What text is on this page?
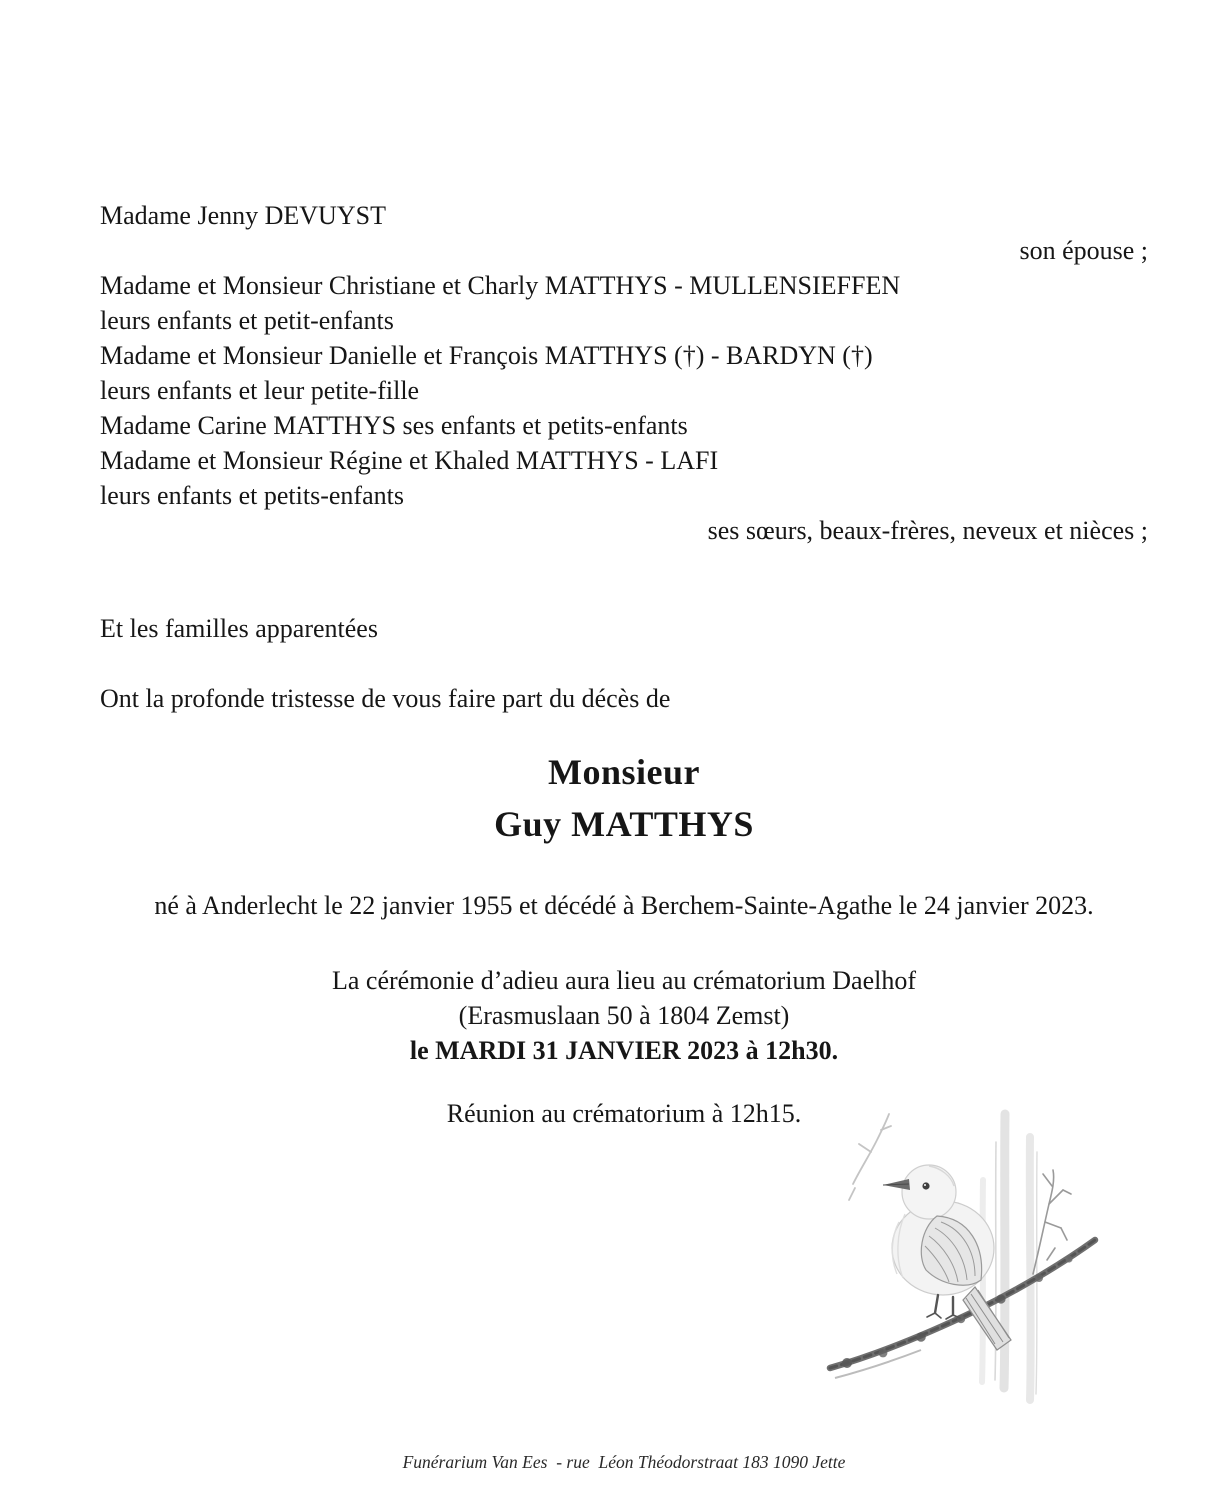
Madame Jenny DEVUYST

son épouse ;

Madame et Monsieur Christiane et Charly MATTHYS - MULLENSIEFFEN

leurs enfants et petit-enfants

Madame et Monsieur Danielle et François MATTHYS (†) - BARDYN (†)

leurs enfants et leur petite-fille

Madame Carine MATTHYS ses enfants et petits-enfants

Madame et Monsieur Régine et Khaled MATTHYS - LAFI

leurs enfants et petits-enfants

ses sœurs, beaux-frères, neveux et nièces ;

Et les familles apparentées

Ont la profonde tristesse de vous faire part du décès de

Monsieur
Guy MATTHYS

né à Anderlecht le 22 janvier 1955 et décédé à Berchem-Sainte-Agathe le 24 janvier 2023.

La cérémonie d’adieu aura lieu au crématorium Daelhof

(Erasmuslaan 50 à 1804 Zemst)

le MARDI 31 JANVIER 2023 à 12h30.

Réunion au crématorium à 12h15.

Funérarium Van Ees  - rue  Léon Théodorstraat 183 1090 Jette
